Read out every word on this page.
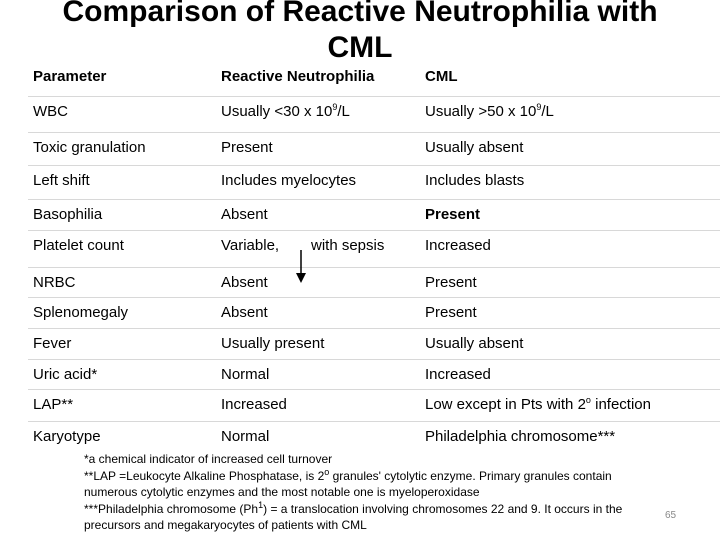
Comparison of Reactive Neutrophilia with
CML
Parameter	Reactive Neutrophilia	CML
WBC	Usually <30 x $10^9/L$	Usually >50 x $10^9/L$
Toxic granulation	Present	Usually absent
Left shift	Includes myelocytes	Includes blasts
Basophilia	Absent	Present
Platelet count	Variable, with sepsis	Increased
NRBC	Absent	Present
Splenomegaly	Absent	Present
Fever	Usually present	Usually absent
Uric acid*	Normal	Increased
LAP**	Increased	Low except in Pts with 2$^o$ infection
Karyotype	Normal	Philadelphia chromosome***

*a chemical indicator of increased cell turnover

**LAP =Leukocyte Alkaline Phosphatase, is 2$^o$ granules' cytolytic enzyme. Primary granules contain

numerous cytolytic enzymes and the most notable one is myeloperoxidase

***Philadelphia chromosome $(Ph^1) = a$ translocation involving chromosomes 22 and 9. It occurs in the

precursors and megakaryocytes of patients with CML

65
